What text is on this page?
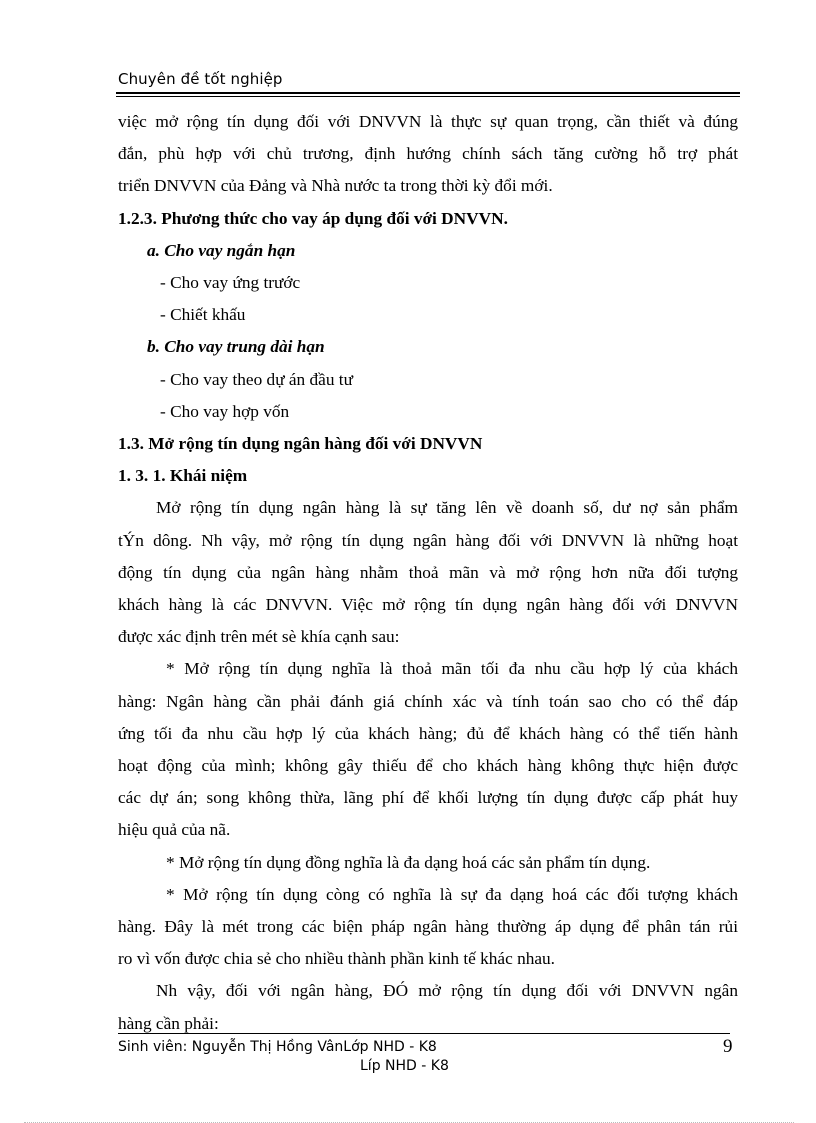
Chuyên đề tốt nghiệp

việc mở rộng tín dụng đối với DNVVN là thực sự quan trọng, cần thiết và đúng

đắn, phù hợp với chủ trương, định hướng chính sách tăng cường hỗ trợ phát

triển DNVVN của Đảng và Nhà nước ta trong thời kỳ đổi mới.

1.2.3. Phương thức cho vay áp dụng đối với DNVVN.

a. Cho vay ngắn hạn

- Cho vay ứng trước

- Chiết khấu

b. Cho vay trung dài hạn

- Cho vay theo dự án đầu tư

- Cho vay hợp vốn

1.3. Mở rộng tín dụng ngân hàng đối với DNVVN

1. 3. 1. Khái niệm

Mở rộng tín dụng ngân hàng là sự tăng lên về doanh số, dư nợ sản phẩm

tÝn dông. Nh vậy, mở rộng tín dụng ngân hàng đối với DNVVN là những hoạt

động tín dụng của ngân hàng nhằm thoả mãn và mở rộng hơn nữa đối tượng

khách hàng là các DNVVN. Việc mở rộng tín dụng ngân hàng đối với DNVVN

được xác định trên mét sè khía cạnh sau:

* Mở rộng tín dụng nghĩa là thoả mãn tối đa nhu cầu hợp lý của khách

hàng: Ngân hàng cần phải đánh giá chính xác và tính toán sao cho có thể đáp

ứng tối đa nhu cầu hợp lý của khách hàng; đủ để khách hàng có thể tiến hành

hoạt động của mình; không gây thiếu để cho khách hàng không thực hiện được

các dự án; song không thừa, lãng phí để khối lượng tín dụng được cấp phát huy

hiệu quả của nã.

* Mở rộng tín dụng đồng nghĩa là đa dạng hoá các sản phẩm tín dụng.

* Mở rộng tín dụng còng có nghĩa là sự đa dạng hoá các đối tượng khách

hàng. Đây là mét trong các biện pháp ngân hàng thường áp dụng để phân tán rủi

ro vì vốn được chia sẻ cho nhiều thành phần kinh tế khác nhau.

Nh vậy, đối với ngân hàng, ĐÓ mở rộng tín dụng đối với DNVVN ngân

hàng cần phải:

Sinh viên: Nguyễn Thị Hồng VânLớp NHD - K8
Líp NHD - K8
9
